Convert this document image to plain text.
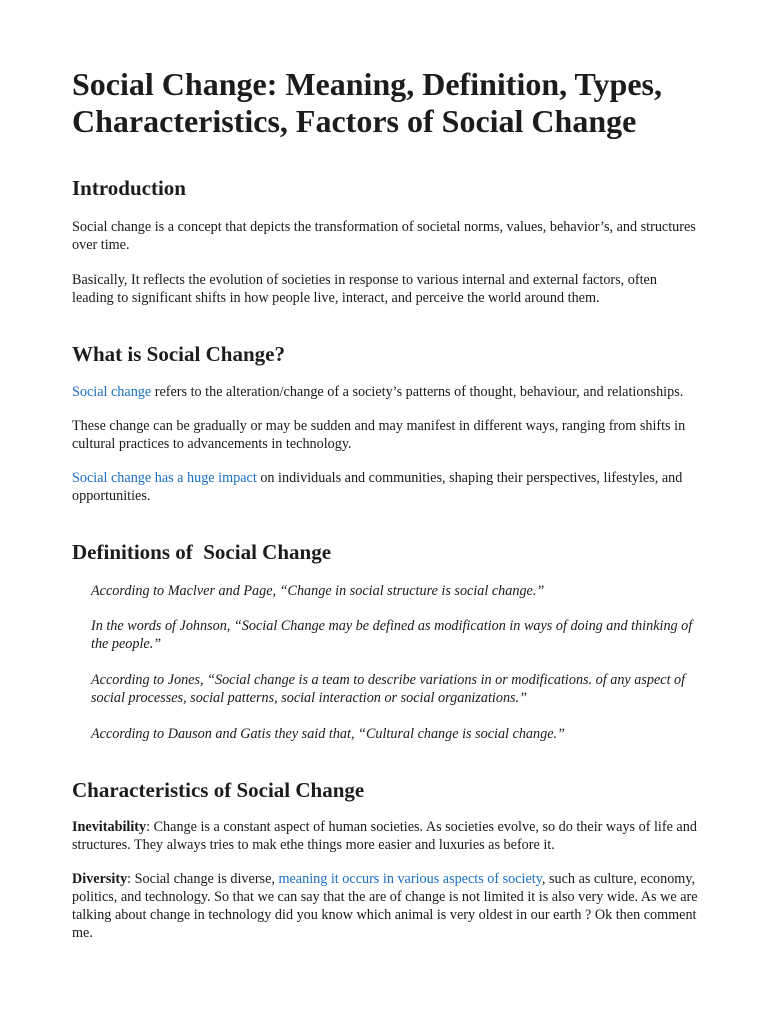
Social Change: Meaning, Definition, Types, Characteristics, Factors of Social Change
Introduction

Social change is a concept that depicts the transformation of societal norms, values, behavior’s, and structures over time.

Basically, It reflects the evolution of societies in response to various internal and external factors, often leading to significant shifts in how people live, interact, and perceive the world around them.

What is Social Change?

Social change refers to the alteration/change of a society’s patterns of thought, behaviour, and relationships.

These change can be gradually or may be sudden and may manifest in different ways, ranging from shifts in cultural practices to advancements in technology.

Social change has a huge impact on individuals and communities, shaping their perspectives, lifestyles, and opportunities.

Definitions of  Social Change

According to Maclver and Page, “Change in social structure is social change.”

In the words of Johnson, “Social Change may be defined as modification in ways of doing and thinking of the people.”

According to Jones, “Social change is a team to describe variations in or modifications. of any aspect of social processes, social patterns, social interaction or social organizations.”

According to Dauson and Gatis they said that, “Cultural change is social change.”

Characteristics of Social Change

Inevitability: Change is a constant aspect of human societies. As societies evolve, so do their ways of life and structures. They always tries to mak ethe things more easier and luxuries as before it.

Diversity: Social change is diverse, meaning it occurs in various aspects of society, such as culture, economy, politics, and technology. So that we can say that the are of change is not limited it is also very wide. As we are talking about change in technology did you know which animal is very oldest in our earth ? Ok then comment me.
